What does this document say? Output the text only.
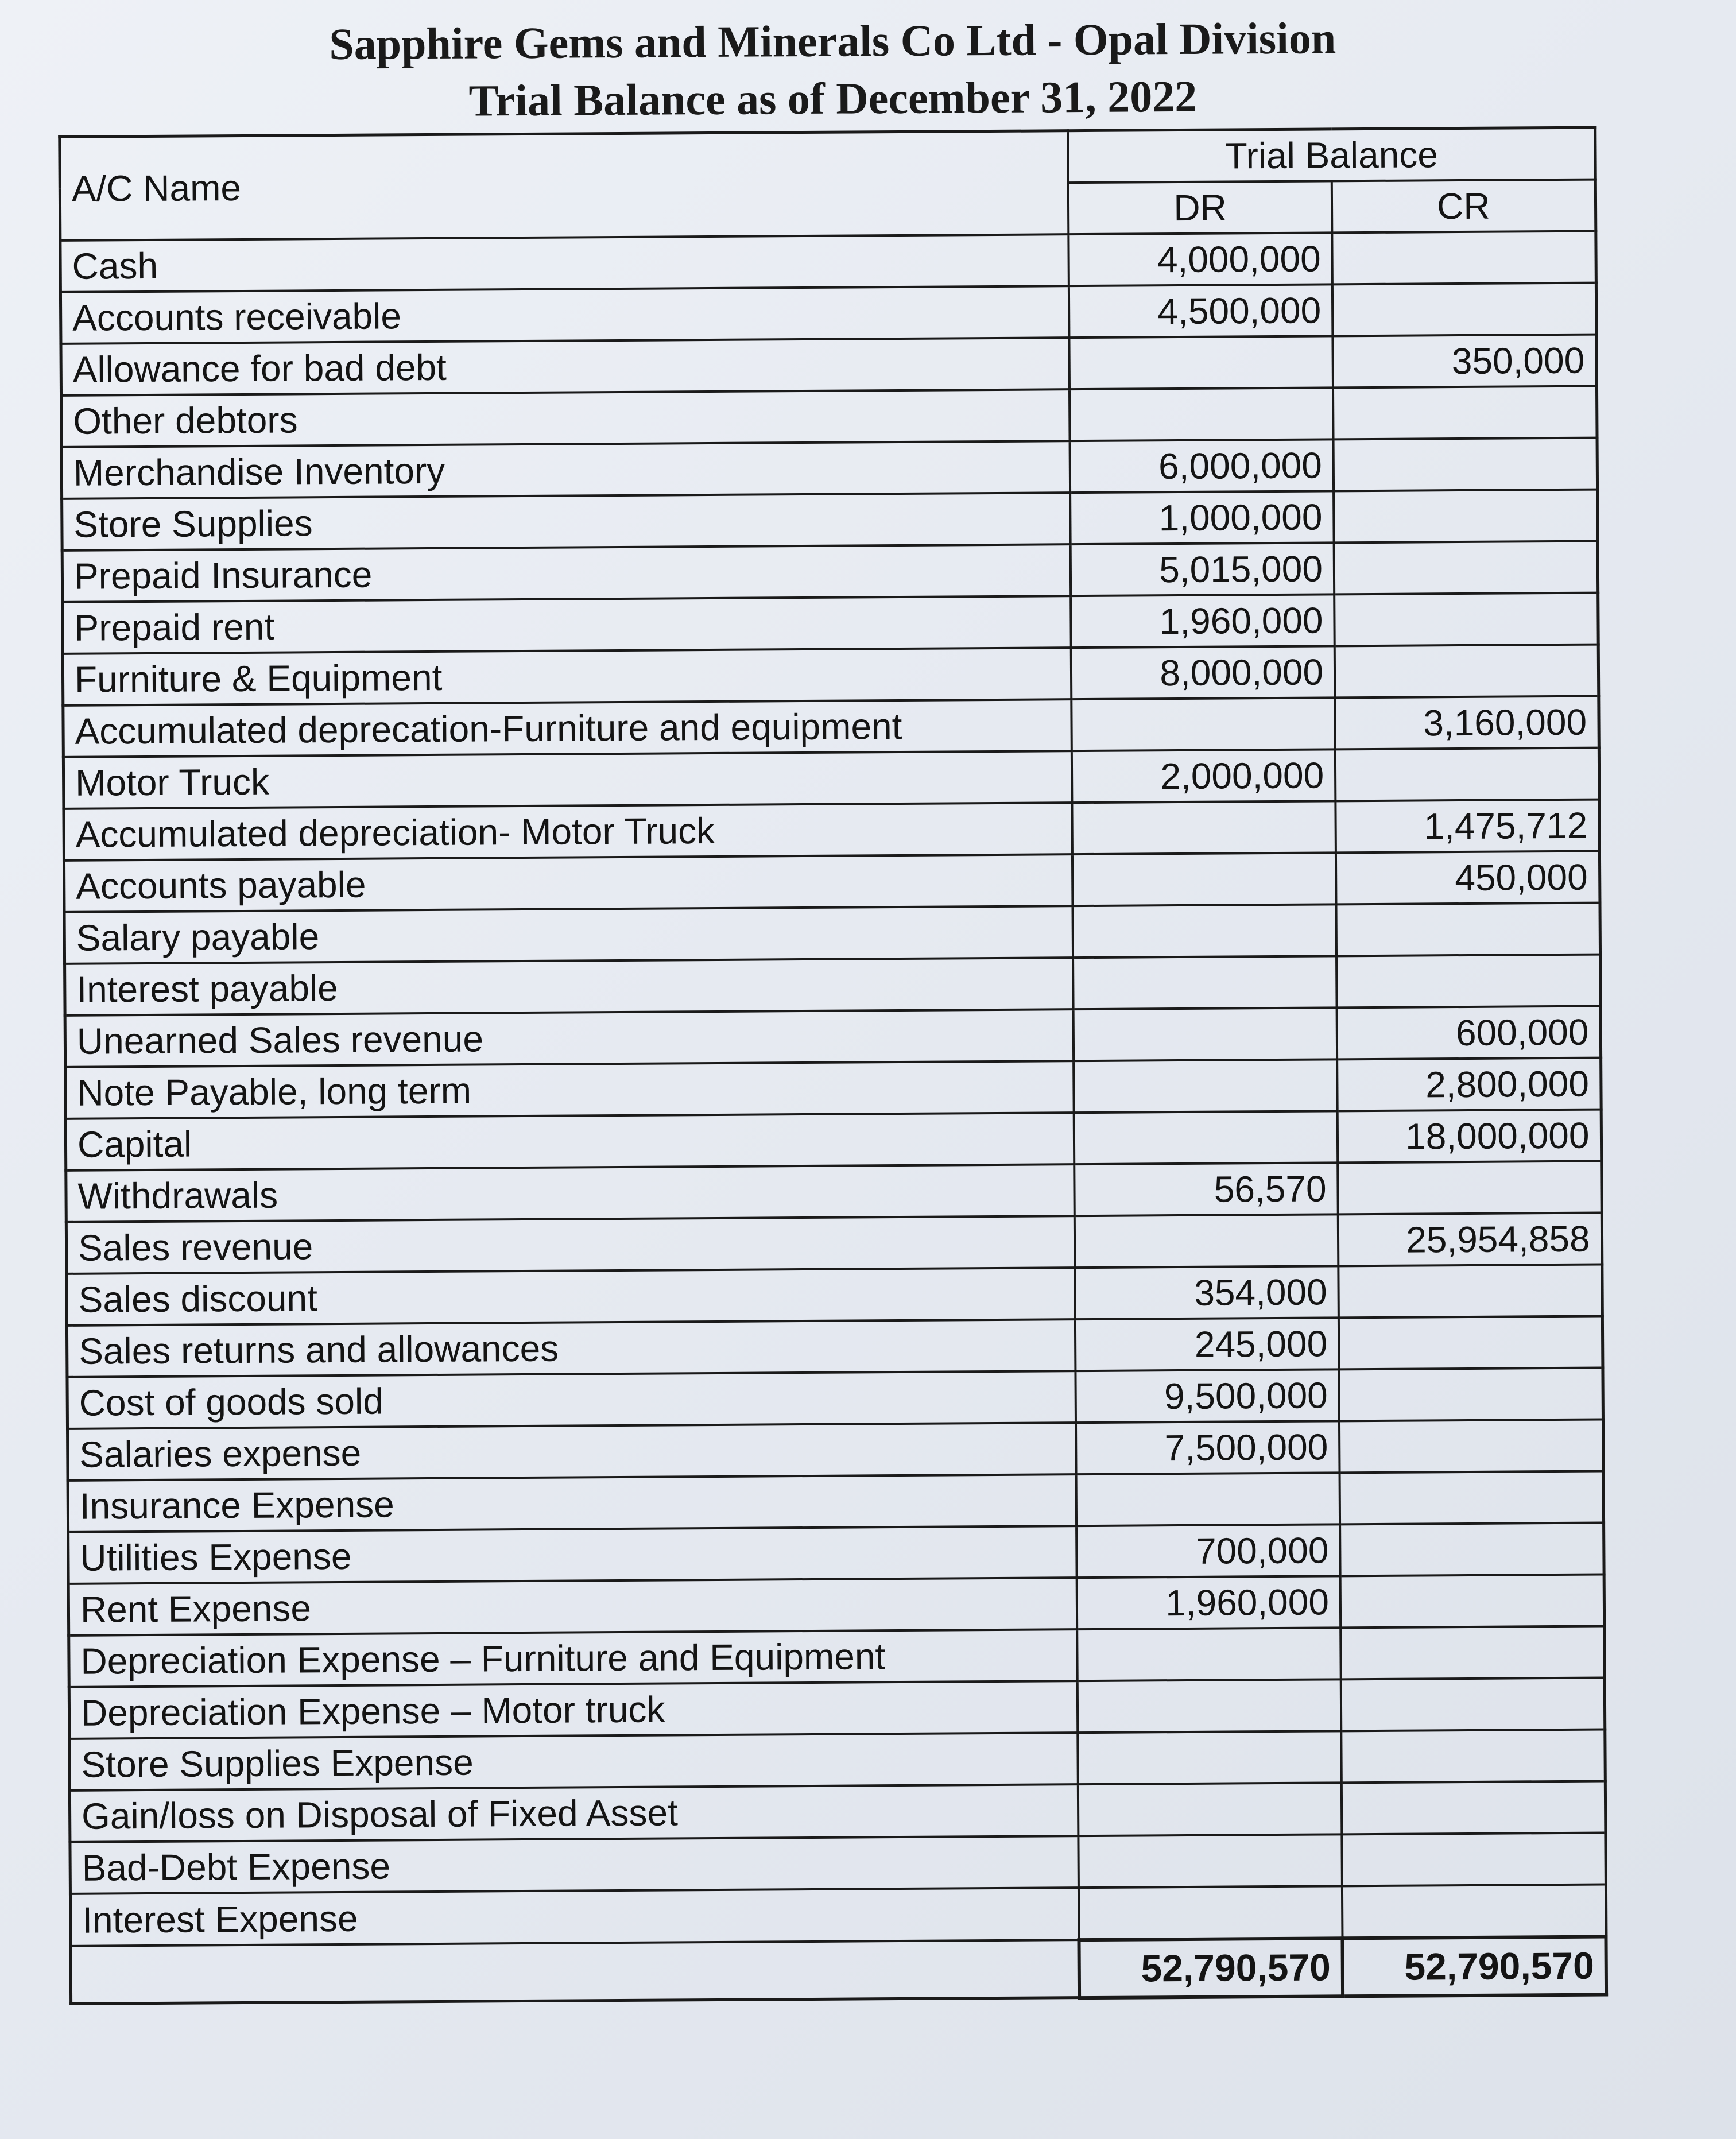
Sapphire Gems and Minerals Co Ltd - Opal Division
Trial Balance as of December 31, 2022
A/C Name	Trial Balance	
	DR	CR
Cash	4,000,000	
Accounts receivable	4,500,000	
Allowance for bad debt		350,000
Other debtors		
Merchandise Inventory	6,000,000	
Store Supplies	1,000,000	
Prepaid Insurance	5,015,000	
Prepaid rent	1,960,000	
Furniture & Equipment	8,000,000	
Accumulated deprecation-Furniture and equipment		3,160,000
Motor Truck	2,000,000	
Accumulated depreciation- Motor Truck		1,475,712
Accounts payable		450,000
Salary payable		
Interest payable		
Unearned Sales revenue		600,000
Note Payable, long term		2,800,000
Capital		18,000,000
Withdrawals	56,570	
Sales revenue		25,954,858
Sales discount	354,000	
Sales returns and allowances	245,000	
Cost of goods sold	9,500,000	
Salaries expense	7,500,000	
Insurance Expense		
Utilities Expense	700,000	
Rent Expense	1,960,000	
Depreciation Expense – Furniture and Equipment		
Depreciation Expense – Motor truck		
Store Supplies Expense		
Gain/loss on Disposal of Fixed Asset		
Bad-Debt Expense		
Interest Expense		
	52,790,570	52,790,570
